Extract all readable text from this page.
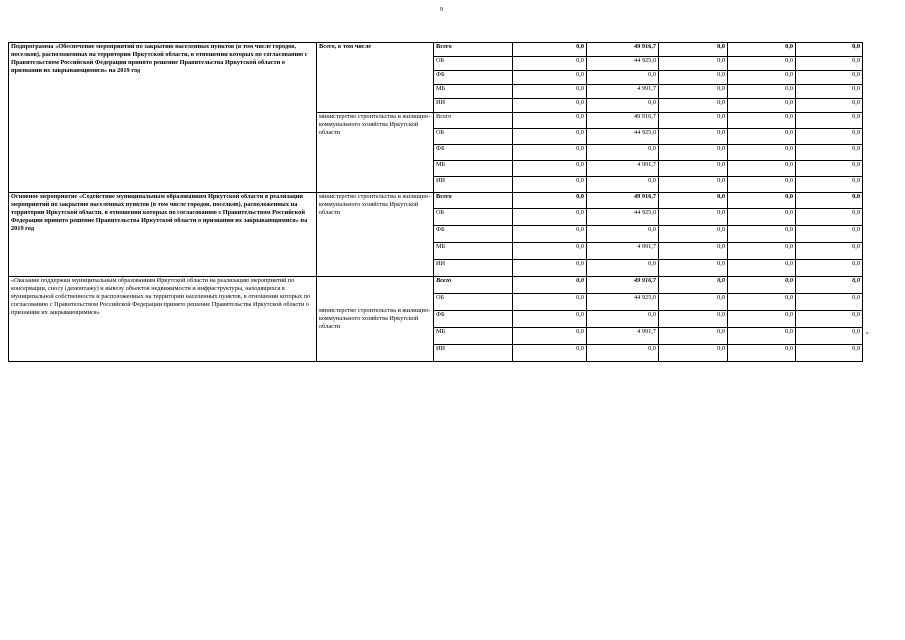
9
Подпрограмма «Обеспечение мероприятий по закрытию населенных пунктов (в том числе городов, поселков), расположенных на территории Иркутской области, в отношении которых по согласованию с Правительством Российской Федерации принято решение Правительства Иркутской области о признании их закрывающимися» на 2019 год	Всего, в том числе	Всего	0,0	49 916,7	0,0	0,0	0,0
		ОБ	0,0	44 925,0	0,0	0,0	0,0
		ФБ	0,0	0,0	0,0	0,0	0,0
		МБ	0,0	4 991,7	0,0	0,0	0,0
		ИИ	0,0	0,0	0,0	0,0	0,0
	министерство строительства и жилищно-коммунального хозяйства Иркутской области	Всего	0,0	49 916,7	0,0	0,0	0,0
		ОБ	0,0	44 925,0	0,0	0,0	0,0
		ФБ	0,0	0,0	0,0	0,0	0,0
		МБ	0,0	4 991,7	0,0	0,0	0,0
		ИИ	0,0	0,0	0,0	0,0	0,0
Основное мероприятие «Содействие муниципальным образованиям Иркутской области в реализации мероприятий по закрытию населенных пунктов (в том числе городов, поселков), расположенных на территории Иркутской области, в отношении которых по согласованию с Правительством Российской Федерации принято решение Правительства Иркутской области о признании их закрывающимися» на 2019 год	министерство строительства и жилищно-коммунального хозяйства Иркутской области	Всего	0,0	49 916,7	0,0	0,0	0,0
		ОБ	0,0	44 925,0	0,0	0,0	0,0
		ФБ	0,0	0,0	0,0	0,0	0,0
		МБ	0,0	4 991,7	0,0	0,0	0,0
		ИИ	0,0	0,0	0,0	0,0	0,0
«Оказание поддержки муниципальным образованиям Иркутской области на реализацию мероприятий по консервации, сносу (демонтажу) и вывозу объектов недвижимости и инфраструктуры, находящихся в муниципальной собственности и расположенных на территории населенных пунктов, в отношении которых по согласованию с Правительством Российской Федерации принято решение Правительства Иркутской области о признании их закрывающимися»	министерство строительства и жилищно-коммунального хозяйства Иркутской области	Всего	0,0	49 916,7	0,0	0,0	0,0
		ОБ	0,0	44 925,0	0,0	0,0	0,0
		ФБ	0,0	0,0	0,0	0,0	0,0
		МБ	0,0	4 991,7	0,0	0,0	0,0
		ИИ	0,0	0,0	0,0	0,0	0,0
».
